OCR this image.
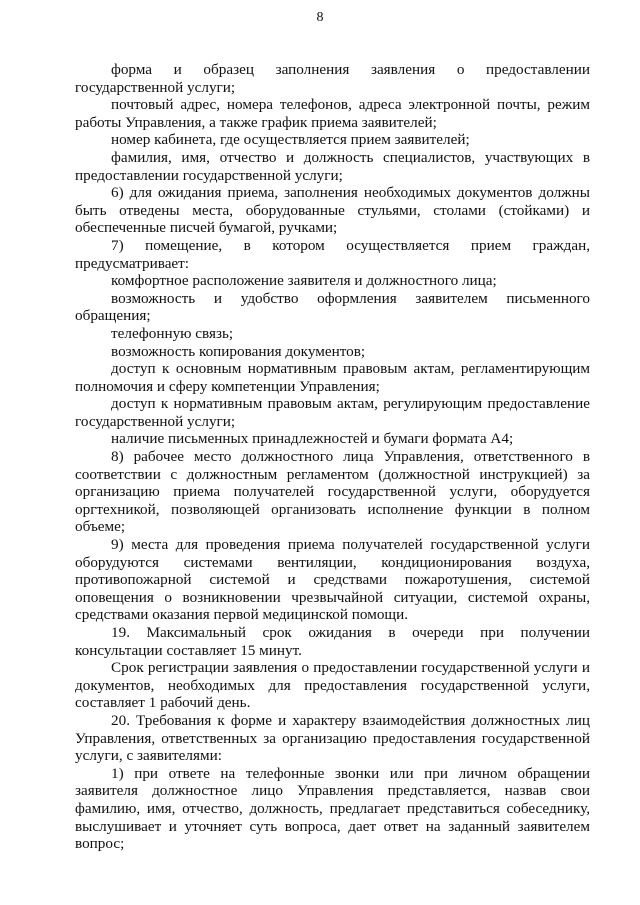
8

форма и образец заполнения заявления о предоставлении государственной услуги;

почтовый адрес, номера телефонов, адреса электронной почты, режим работы Управления, а также график приема заявителей;

номер кабинета, где осуществляется прием заявителей;

фамилия, имя, отчество и должность специалистов, участвующих в предоставлении государственной услуги;

6) для ожидания приема, заполнения необходимых документов должны быть отведены места, оборудованные стульями, столами (стойками) и обеспеченные писчей бумагой, ручками;

7) помещение, в котором осуществляется прием граждан, предусматривает:

комфортное расположение заявителя и должностного лица;

возможность и удобство оформления заявителем письменного обращения;

телефонную связь;

возможность копирования документов;

доступ к основным нормативным правовым актам, регламентирующим полномочия и сферу компетенции Управления;

доступ к нормативным правовым актам, регулирующим предоставление государственной услуги;

наличие письменных принадлежностей и бумаги формата А4;

8) рабочее место должностного лица Управления, ответственного в соответствии с должностным регламентом (должностной инструкцией) за организацию приема получателей государственной услуги, оборудуется оргтехникой, позволяющей организовать исполнение функции в полном объеме;

9) места для проведения приема получателей государственной услуги оборудуются системами вентиляции, кондиционирования воздуха, противопожарной системой и средствами пожаротушения, системой оповещения о возникновении чрезвычайной ситуации, системой охраны, средствами оказания первой медицинской помощи.

19. Максимальный срок ожидания в очереди при получении консультации составляет 15 минут.

Срок регистрации заявления о предоставлении государственной услуги и документов, необходимых для предоставления государственной услуги, составляет 1 рабочий день.

20. Требования к форме и характеру взаимодействия должностных лиц Управления, ответственных за организацию предоставления государственной услуги, с заявителями:

1) при ответе на телефонные звонки или при личном обращении заявителя должностное лицо Управления представляется, назвав свои фамилию, имя, отчество, должность, предлагает представиться собеседнику, выслушивает и уточняет суть вопроса, дает ответ на заданный заявителем вопрос;
